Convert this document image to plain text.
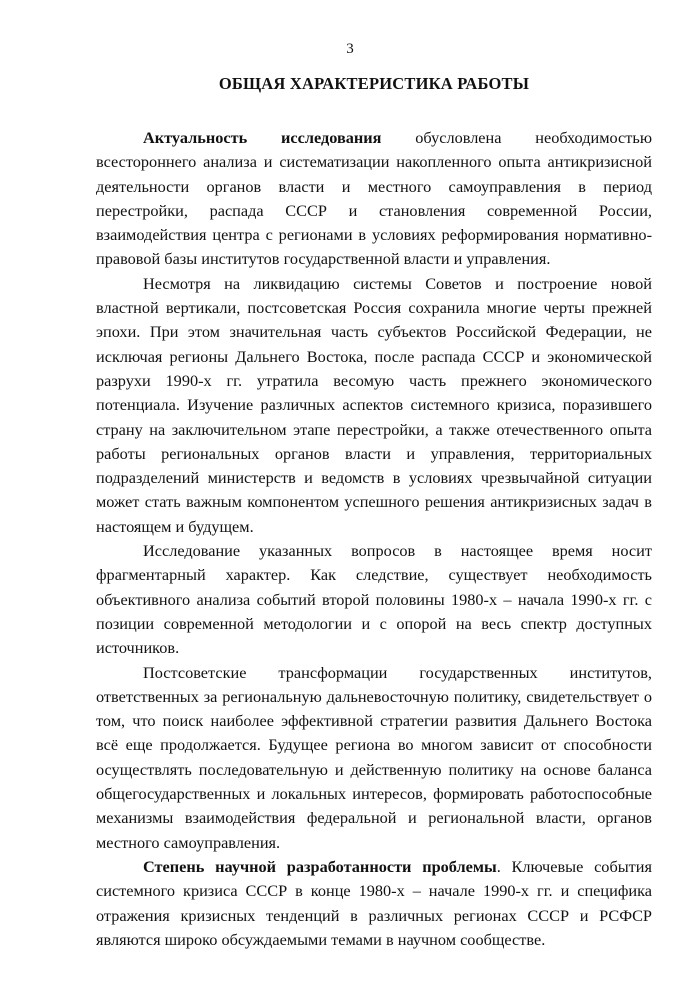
3
ОБЩАЯ ХАРАКТЕРИСТИКА РАБОТЫ

Актуальность исследования обусловлена необходимостью всестороннего анализа и систематизации накопленного опыта антикризисной деятельности органов власти и местного самоуправления в период перестройки, распада СССР и становления современной России, взаимодействия центра с регионами в условиях реформирования нормативно-правовой базы институтов государственной власти и управления.

Несмотря на ликвидацию системы Советов и построение новой властной вертикали, постсоветская Россия сохранила многие черты прежней эпохи. При этом значительная часть субъектов Российской Федерации, не исключая регионы Дальнего Востока, после распада СССР и экономической разрухи 1990-х гг. утратила весомую часть прежнего экономического потенциала. Изучение различных аспектов системного кризиса, поразившего страну на заключительном этапе перестройки, а также отечественного опыта работы региональных органов власти и управления, территориальных подразделений министерств и ведомств в условиях чрезвычайной ситуации может стать важным компонентом успешного решения антикризисных задач в настоящем и будущем.

Исследование указанных вопросов в настоящее время носит фрагментарный характер. Как следствие, существует необходимость объективного анализа событий второй половины 1980-х – начала 1990-х гг. с позиции современной методологии и с опорой на весь спектр доступных источников.

Постсоветские трансформации государственных институтов, ответственных за региональную дальневосточную политику, свидетельствует о том, что поиск наиболее эффективной стратегии развития Дальнего Востока всё еще продолжается. Будущее региона во многом зависит от способности осуществлять последовательную и действенную политику на основе баланса общегосударственных и локальных интересов, формировать работоспособные механизмы взаимодействия федеральной и региональной власти, органов местного самоуправления.

Степень научной разработанности проблемы. Ключевые события системного кризиса СССР в конце 1980-х – начале 1990-х гг. и специфика отражения кризисных тенденций в различных регионах СССР и РСФСР являются широко обсуждаемыми темами в научном сообществе.
